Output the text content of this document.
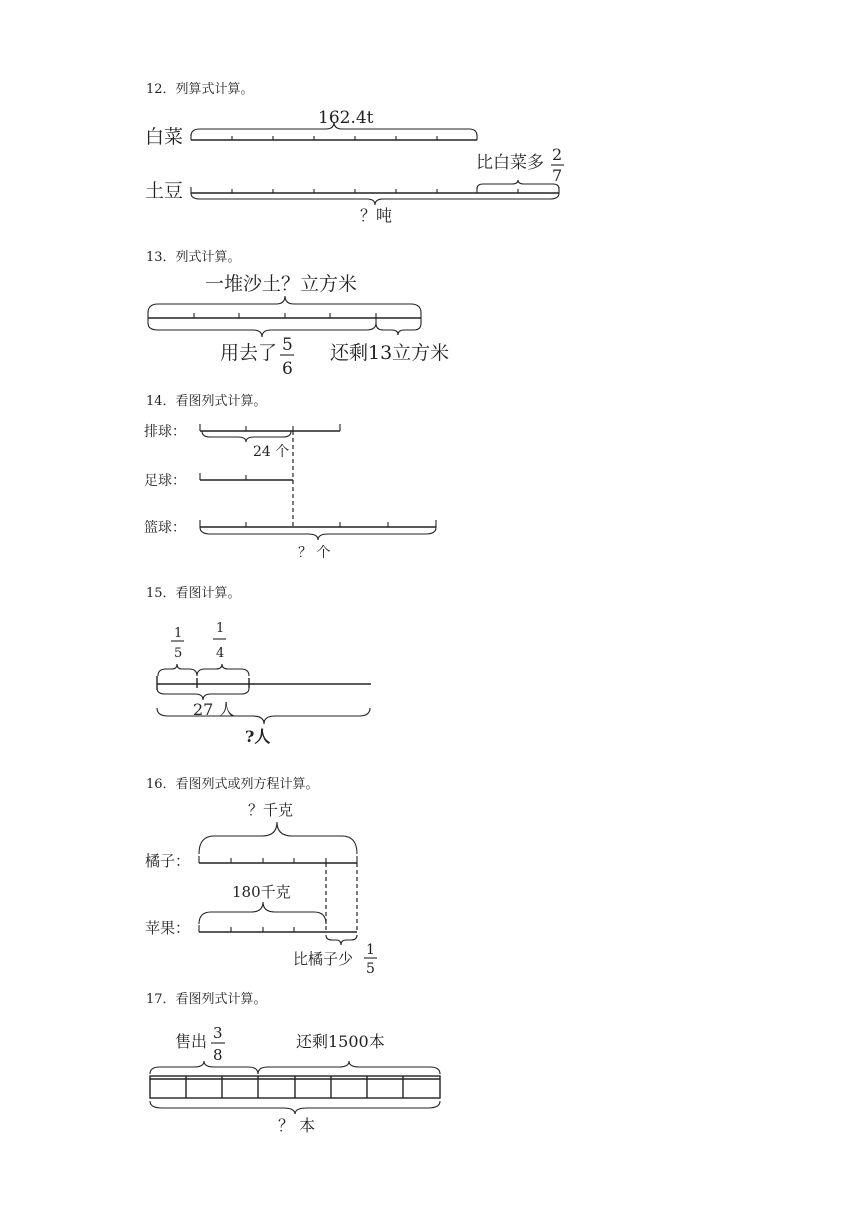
12．列算式计算。
13．列式计算。
14．看图列式计算。
15．看图计算。
16．看图列式或列方程计算。
17．看图列式计算。
白菜
162.4t
比白菜多 2
7
土豆
？吨
一堆沙土？立方米
用去了 5
6
还剩13立方米
排球：
24 个
足球：
篮球：
？ 个
1
5
1
4
27 人
?人
？千克
橘子：
180千克
苹果：
比橘子少 1
5
售出 3
8
还剩1500本
？ 本
